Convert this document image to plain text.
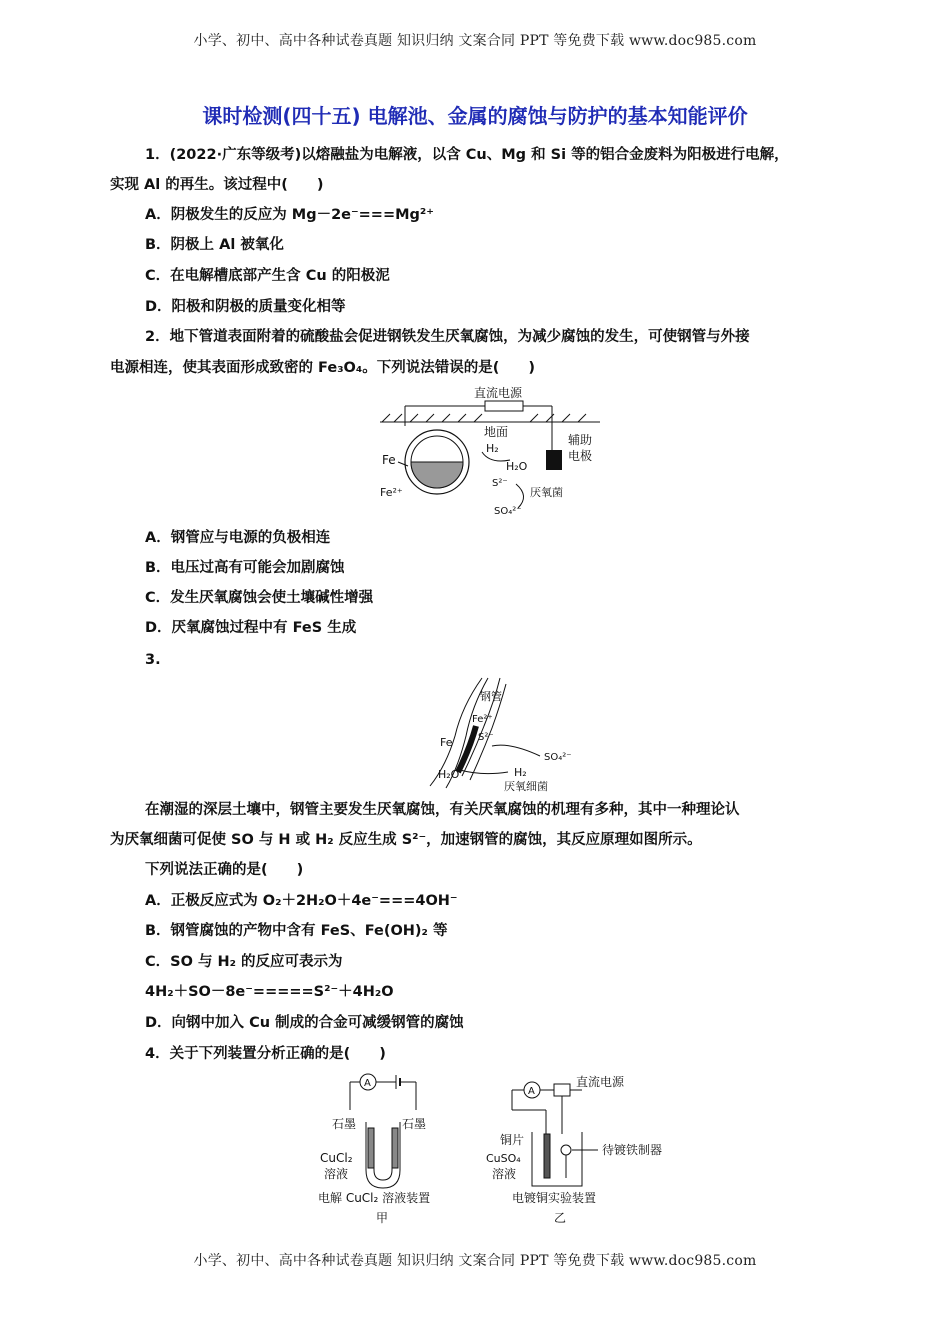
小学、初中、高中各种试卷真题 知识归纳 文案合同 PPT 等免费下载 www.doc985.com
课时检测(四十五) 电解池、金属的腐蚀与防护的基本知能评价
1．(2022·广东等级考)以熔融盐为电解液，以含 Cu、Mg 和 Si 等的铝合金废料为阳极进行电解，
实现 Al 的再生。该过程中(　　)
A．阴极发生的反应为 Mg－2e⁻===Mg²⁺
B．阴极上 Al 被氧化
C．在电解槽底部产生含 Cu 的阳极泥
D．阳极和阴极的质量变化相等
2．地下管道表面附着的硫酸盐会促进钢铁发生厌氧腐蚀，为减少腐蚀的发生，可使钢管与外接
电源相连，使其表面形成致密的 Fe₃O₄。下列说法错误的是(　　)
直流电源
地面
辅助
电极
Fe
Fe²⁺
H₂
H₂O
S²⁻
厌氧菌
SO₄²⁻
A．钢管应与电源的负极相连
B．电压过高有可能会加剧腐蚀
C．发生厌氧腐蚀会使土壤碱性增强
D．厌氧腐蚀过程中有 FeS 生成
3.
钢管
Fe²⁺
S²⁻
Fe
SO₄²⁻
H₂O	H₂
厌氧细菌
在潮湿的深层土壤中，钢管主要发生厌氧腐蚀，有关厌氧腐蚀的机理有多种，其中一种理论认
为厌氧细菌可促使 SO 与 H 或 H₂ 反应生成 S²⁻，加速钢管的腐蚀，其反应原理如图所示。
下列说法正确的是(　　)
A．正极反应式为 O₂＋2H₂O＋4e⁻===4OH⁻
B．钢管腐蚀的产物中含有 FeS、Fe(OH)₂ 等
C．SO 与 H₂ 的反应可表示为
4H₂＋SO－8e⁻=====S²⁻＋4H₂O
D．向钢中加入 Cu 制成的合金可减缓钢管的腐蚀
4．关于下列装置分析正确的是(　　)
A
石墨	石墨
CuCl₂
溶液
电解 CuCl₂ 溶液装置
甲
A
直流电源
铜片
CuSO₄
溶液
待镀铁制器
电镀铜实验装置
乙
小学、初中、高中各种试卷真题 知识归纳 文案合同 PPT 等免费下载 www.doc985.com
